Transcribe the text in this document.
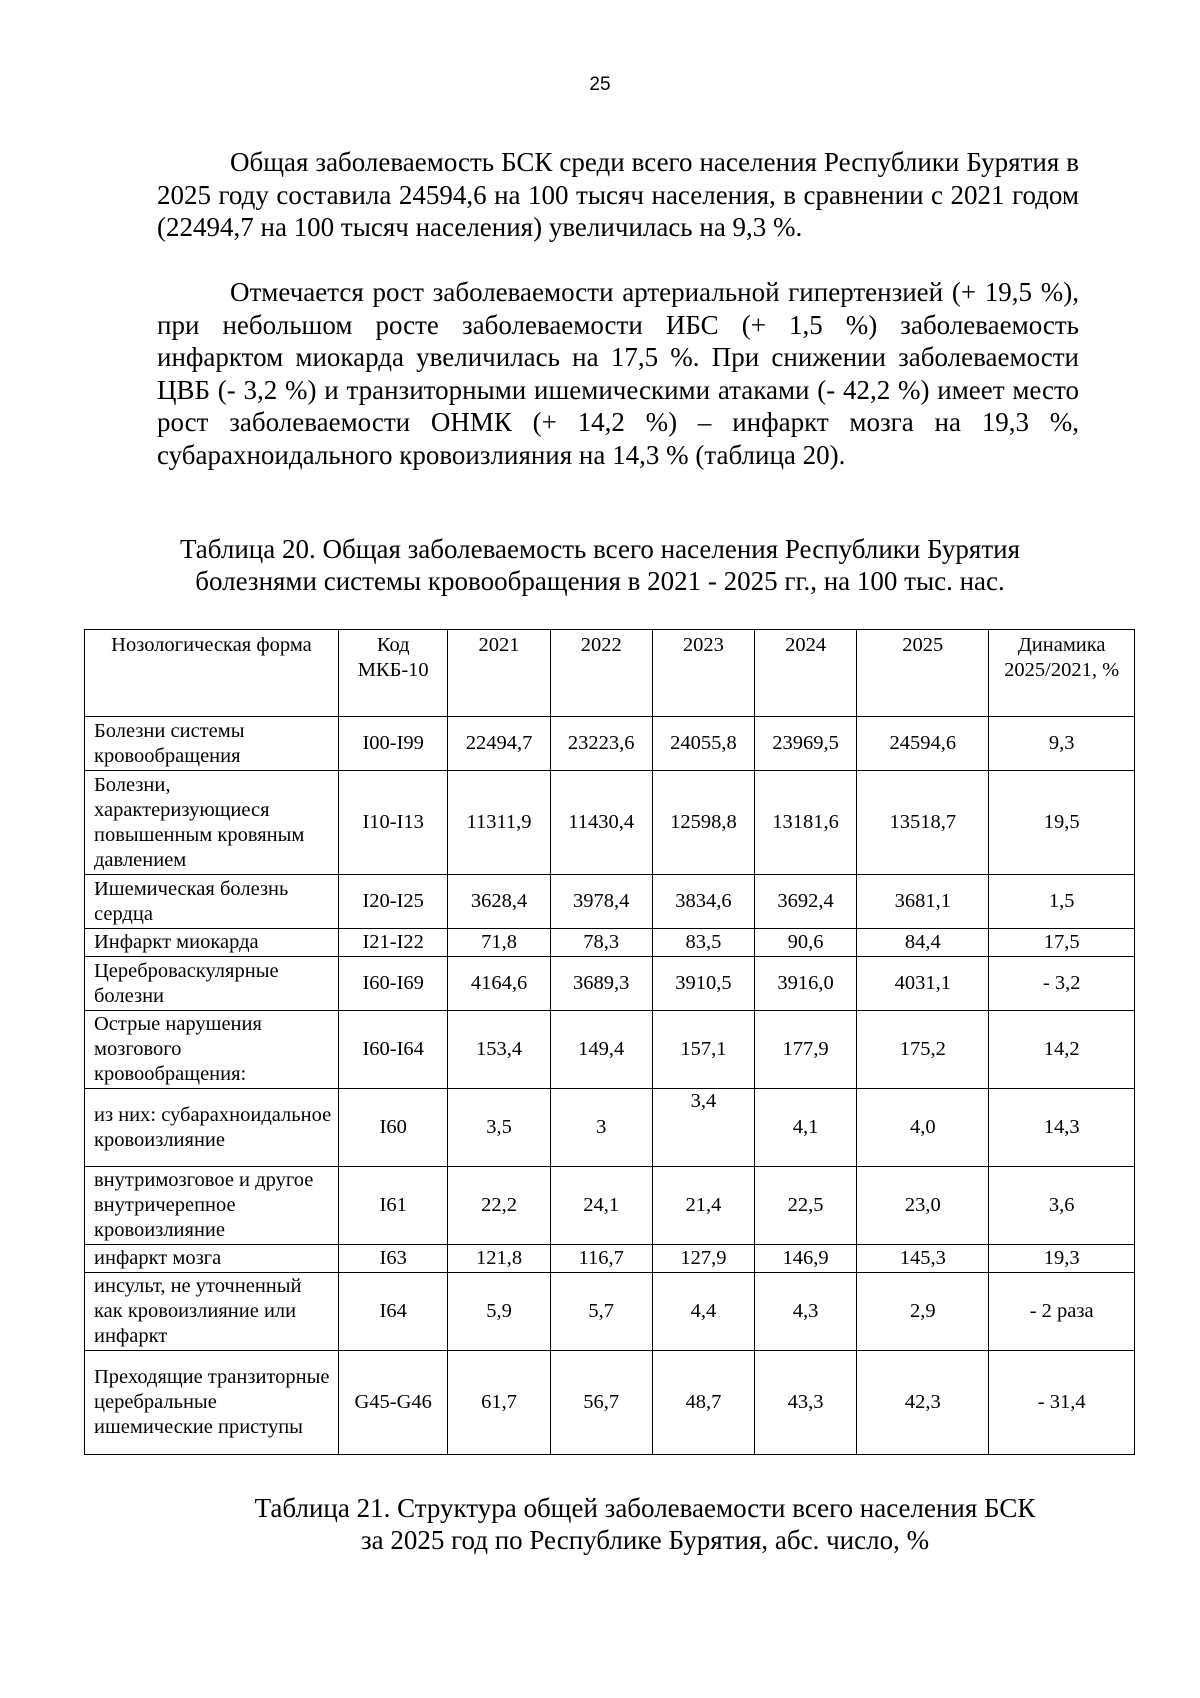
25

Общая заболеваемость БСК среди всего населения Республики Бурятия в 2025 году составила 24594,6 на 100 тысяч населения, в сравнении с 2021 годом (22494,7 на 100 тысяч населения) увеличилась на 9,3 %.

Отмечается рост заболеваемости артериальной гипертензией (+ 19,5 %), при небольшом росте заболеваемости ИБС (+ 1,5 %) заболеваемость инфарктом миокарда увеличилась на 17,5 %. При снижении заболеваемости ЦВБ (- 3,2 %) и транзиторными ишемическими атаками (- 42,2 %) имеет место рост заболеваемости ОНМК (+ 14,2 %) – инфаркт мозга на 19,3 %, субарахноидального кровоизлияния на 14,3 % (таблица 20).

Таблица 20. Общая заболеваемость всего населения Республики Бурятия
болезнями системы кровообращения в 2021 - 2025 гг., на 100 тыс. нас.
Нозологическая форма	Код МКБ-10	2021	2022	2023	2024	2025	Динамика 2025/2021, %
Болезни системы кровообращения	I00-I99	22494,7	23223,6	24055,8	23969,5	24594,6	9,3
Болезни, характеризующиеся повышенным кровяным давлением	I10-I13	11311,9	11430,4	12598,8	13181,6	13518,7	19,5
Ишемическая болезнь сердца	I20-I25	3628,4	3978,4	3834,6	3692,4	3681,1	1,5
Инфаркт миокарда	I21-I22	71,8	78,3	83,5	90,6	84,4	17,5
Цереброваскулярные болезни	I60-I69	4164,6	3689,3	3910,5	3916,0	4031,1	- 3,2
Острые нарушения мозгового кровообращения:	I60-I64	153,4	149,4	157,1	177,9	175,2	14,2
из них: субарахноидальное кровоизлияние	I60	3,5	3	3,4	4,1	4,0	14,3
внутримозговое и другое внутричерепное кровоизлияние	I61	22,2	24,1	21,4	22,5	23,0	3,6
инфаркт мозга	I63	121,8	116,7	127,9	146,9	145,3	19,3
инсульт, не уточненный как кровоизлияние или инфаркт	I64	5,9	5,7	4,4	4,3	2,9	- 2 раза
Преходящие транзиторные церебральные ишемические приступы	G45-G46	61,7	56,7	48,7	43,3	42,3	- 31,4
Таблица 21. Структура общей заболеваемости всего населения БСК
за 2025 год по Республике Бурятия, абс. число, %
